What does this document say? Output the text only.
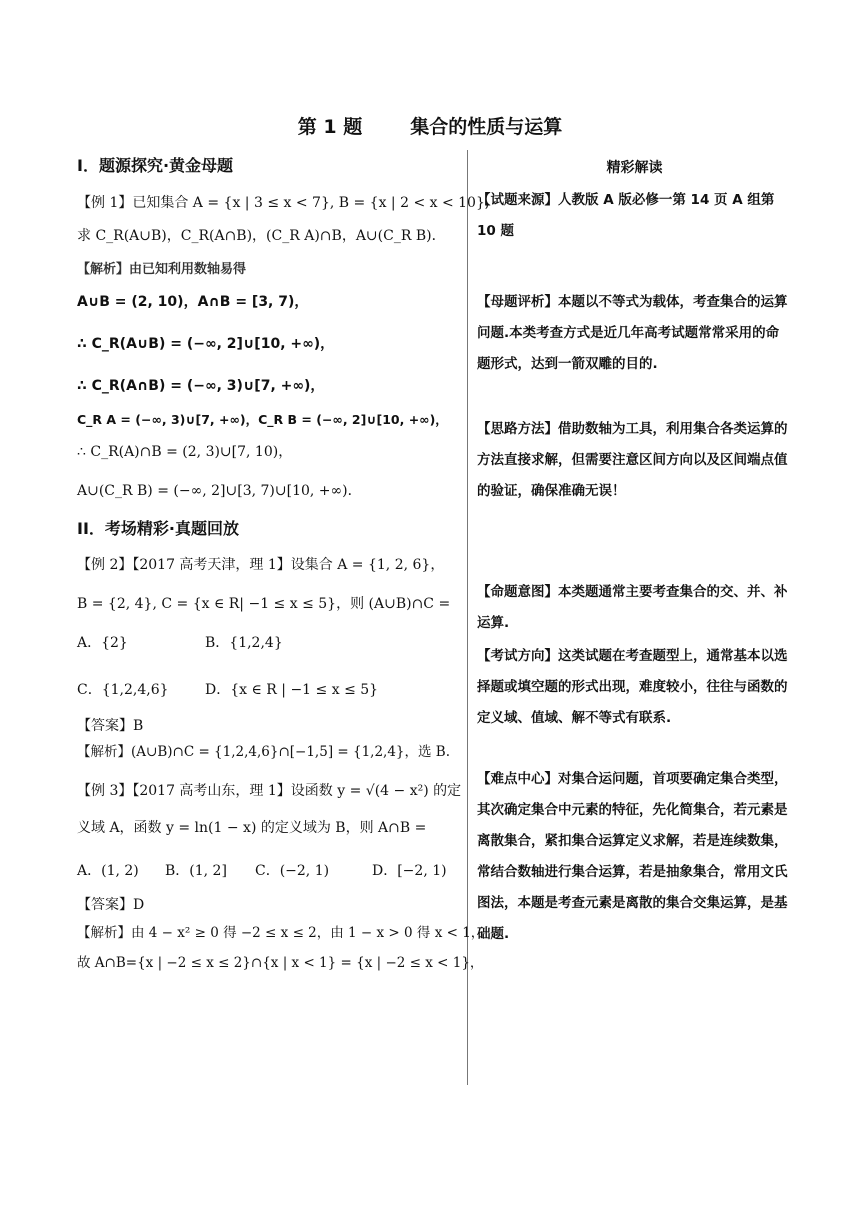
第 1 题	集合的性质与运算
I．题源探究·黄金母题
【例 1】已知集合 A = {x | 3 ≤ x < 7}, B = {x | 2 < x < 10},
求 C_R(A∪B)，C_R(A∩B)，(C_R A)∩B，A∪(C_R B)．
【解析】由已知利用数轴易得
A∪B = (2, 10)，A∩B = [3, 7)，
∴ C_R(A∪B) = (−∞, 2]∪[10, +∞)，
∴ C_R(A∩B) = (−∞, 3)∪[7, +∞)，
C_R A = (−∞, 3)∪[7, +∞)，C_R B = (−∞, 2]∪[10, +∞)，
∴ C_R(A)∩B = (2, 3)∪[7, 10)，
A∪(C_R B) = (−∞, 2]∪[3, 7)∪[10, +∞)．
II．考场精彩·真题回放
【例 2】【2017 高考天津，理 1】设集合 A = {1, 2, 6}，
B = {2, 4}, C = {x ∈ R| −1 ≤ x ≤ 5}，则 (A∪B)∩C =
A．{2}	B．{1,2,4}
C．{1,2,4,6}	D．{x ∈ R | −1 ≤ x ≤ 5}
【答案】B
【解析】(A∪B)∩C = {1,2,4,6}∩[−1,5] = {1,2,4}，选 B.
【例 3】【2017 高考山东，理 1】设函数 y = √(4 − x²) 的定
义域 A，函数 y = ln(1 − x) 的定义域为 B，则 A∩B =
A．(1, 2)	B．(1, 2]	C．(−2, 1)	D．[−2, 1)
【答案】D
【解析】由 4 − x² ≥ 0 得 −2 ≤ x ≤ 2，由 1 − x > 0 得 x < 1，
故 A∩B={x | −2 ≤ x ≤ 2}∩{x | x < 1} = {x | −2 ≤ x < 1}，
精彩解读
【试题来源】人教版 A 版必修一第 14 页 A 组第 10 题
【母题评析】本题以不等式为载体，考查集合的运算问题.本类考查方式是近几年高考试题常常采用的命题形式，达到一箭双雕的目的.
【思路方法】借助数轴为工具，利用集合各类运算的方法直接求解，但需要注意区间方向以及区间端点值的验证，确保准确无误！
【命题意图】本类题通常主要考查集合的交、并、补运算.
【考试方向】这类试题在考查题型上，通常基本以选择题或填空题的形式出现，难度较小，往往与函数的定义域、值域、解不等式有联系.
【难点中心】对集合运问题，首项要确定集合类型，其次确定集合中元素的特征，先化简集合，若元素是离散集合，紧扣集合运算定义求解，若是连续数集，常结合数轴进行集合运算，若是抽象集合，常用文氏图法，本题是考查元素是离散的集合交集运算，是基础题.
